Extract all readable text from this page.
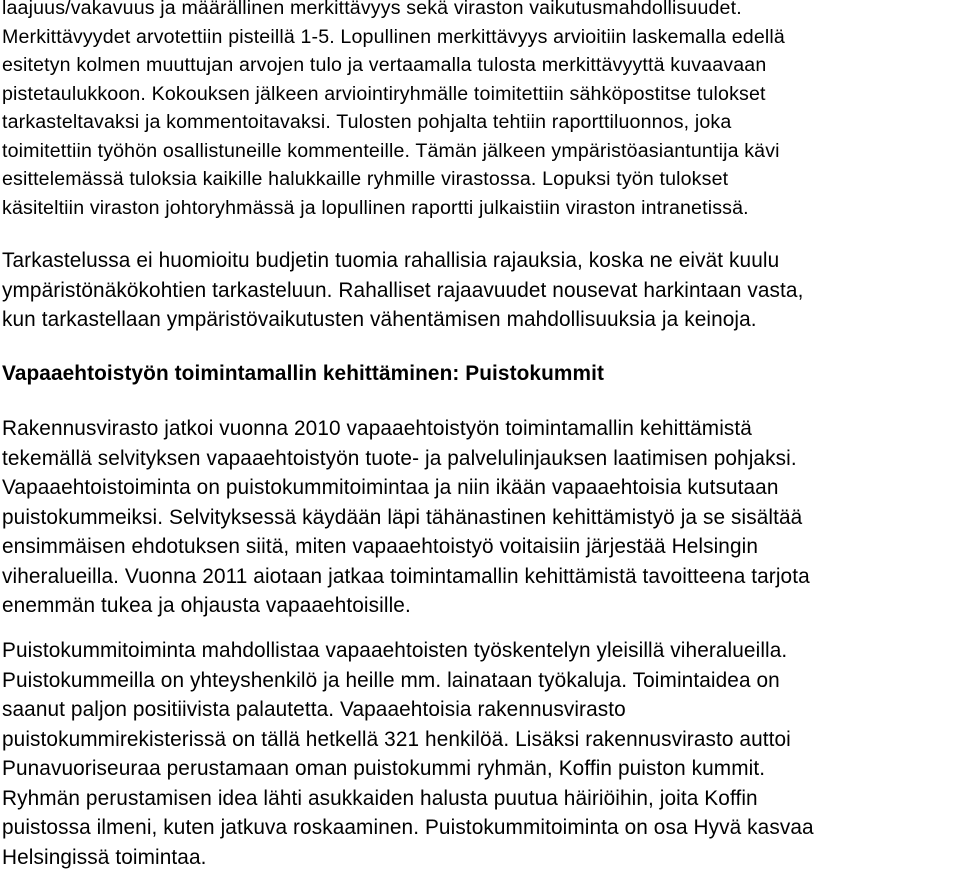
laajuus/vakavuus ja määrällinen merkittävyys sekä viraston vaikutusmahdollisuudet.
Merkittävyydet arvotettiin pisteillä 1-5. Lopullinen merkittävyys arvioitiin laskemalla edellä
esitetyn kolmen muuttujan arvojen tulo ja vertaamalla tulosta merkittävyyttä kuvaavaan
pistetaulukkoon. Kokouksen jälkeen arviointiryhmälle toimitettiin sähköpostitse tulokset
tarkasteltavaksi ja kommentoitavaksi. Tulosten pohjalta tehtiin raporttiluonnos, joka
toimitettiin työhön osallistuneille kommenteille. Tämän jälkeen ympäristöasiantuntija kävi
esittelemässä tuloksia kaikille halukkaille ryhmille virastossa. Lopuksi työn tulokset
käsiteltiin viraston johtoryhmässä ja lopullinen raportti julkaistiin viraston intranetissä.

Tarkastelussa ei huomioitu budjetin tuomia rahallisia rajauksia, koska ne eivät kuulu
ympäristönäkökohtien tarkasteluun. Rahalliset rajaavuudet nousevat harkintaan vasta,
kun tarkastellaan ympäristövaikutusten vähentämisen mahdollisuuksia ja keinoja.

Vapaaehtoistyön toimintamallin kehittäminen: Puistokummit

Rakennusvirasto jatkoi vuonna 2010 vapaaehtoistyön toimintamallin kehittämistä
tekemällä selvityksen vapaaehtoistyön tuote- ja palvelulinjauksen laatimisen pohjaksi.
Vapaaehtoistoiminta on puistokummitoimintaa ja niin ikään vapaaehtoisia kutsutaan
puistokummeiksi. Selvityksessä käydään läpi tähänastinen kehittämistyö ja se sisältää
ensimmäisen ehdotuksen siitä, miten vapaaehtoistyö voitaisiin järjestää Helsingin
viheralueilla. Vuonna 2011 aiotaan jatkaa toimintamallin kehittämistä tavoitteena tarjota
enemmän tukea ja ohjausta vapaaehtoisille.

Puistokummitoiminta mahdollistaa vapaaehtoisten työskentelyn yleisillä viheralueilla.
Puistokummeilla on yhteyshenkilö ja heille mm. lainataan työkaluja. Toimintaidea on
saanut paljon positiivista palautetta. Vapaaehtoisia rakennusvirasto
puistokummirekisterissä on tällä hetkellä 321 henkilöä. Lisäksi rakennusvirasto auttoi
Punavuoriseuraa perustamaan oman puistokummi ryhmän, Koffin puiston kummit.
Ryhmän perustamisen idea lähti asukkaiden halusta puutua häiriöihin, joita Koffin
puistossa ilmeni, kuten jatkuva roskaaminen. Puistokummitoiminta on osa Hyvä kasvaa
Helsingissä toimintaa.
